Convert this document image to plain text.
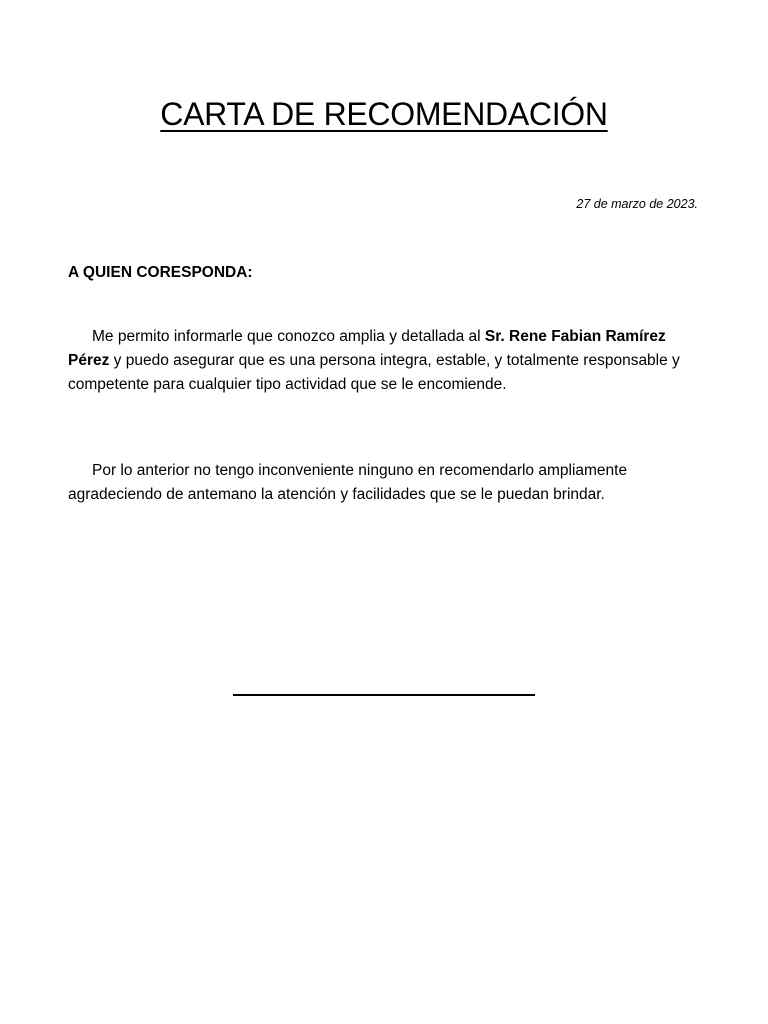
CARTA DE RECOMENDACIÓN
27 de marzo de 2023.
A QUIEN CORESPONDA:

Me permito informarle que conozco amplia y detallada al Sr. Rene Fabian Ramírez Pérez y puedo asegurar que es una persona integra, estable, y totalmente responsable y competente para cualquier tipo actividad que se le encomiende.

Por lo anterior no tengo inconveniente ninguno en recomendarlo ampliamente agradeciendo de antemano la atención y facilidades que se le puedan brindar.
